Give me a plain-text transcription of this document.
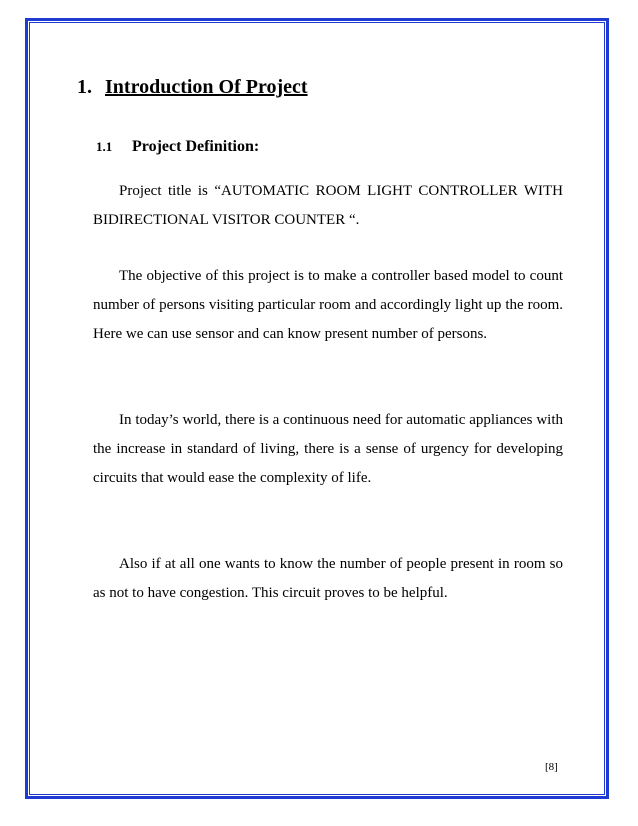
1. Introduction Of Project
1.1 Project Definition:

Project title is “AUTOMATIC ROOM LIGHT CONTROLLER WITH BIDIRECTIONAL VISITOR COUNTER “.

The objective of this project is to make a controller based model to count number of persons visiting particular room and accordingly light up the room. Here we can use sensor and can know present number of persons.

In today’s world, there is a continuous need for automatic appliances with the increase in standard of living, there is a sense of urgency for developing circuits that would ease the complexity of life.

Also if at all one wants to know the number of people present in room so as not to have congestion. This circuit proves to be helpful.

[8]
